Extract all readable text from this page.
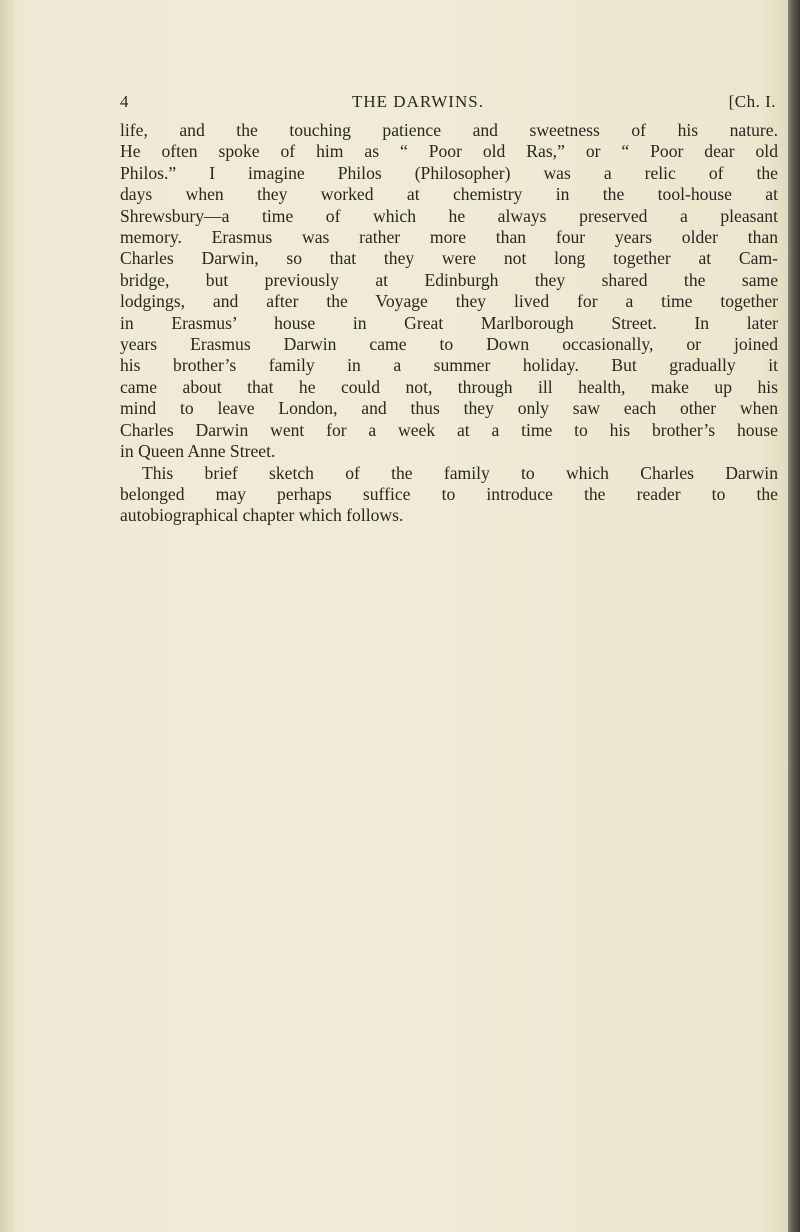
4	THE DARWINS.	[Ch. I.
life, and the touching patience and sweetness of his nature.
He often spoke of him as “ Poor old Ras,” or “ Poor dear old
Philos.” I imagine Philos (Philosopher) was a relic of the
days when they worked at chemistry in the tool-house at
Shrewsbury—a time of which he always preserved a pleasant
memory. Erasmus was rather more than four years older than
Charles Darwin, so that they were not long together at Cam-
bridge, but previously at Edinburgh they shared the same
lodgings, and after the Voyage they lived for a time together
in Erasmus’ house in Great Marlborough Street. In later
years Erasmus Darwin came to Down occasionally, or joined
his brother’s family in a summer holiday. But gradually it
came about that he could not, through ill health, make up his
mind to leave London, and thus they only saw each other when
Charles Darwin went for a week at a time to his brother’s house
in Queen Anne Street.
This brief sketch of the family to which Charles Darwin
belonged may perhaps suffice to introduce the reader to the
autobiographical chapter which follows.
